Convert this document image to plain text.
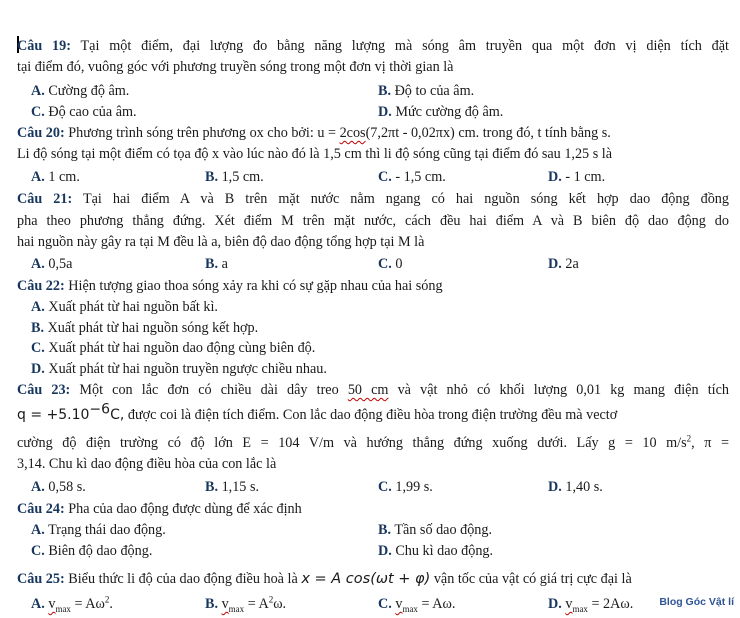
Câu 19: Tại một điểm, đại lượng đo bằng năng lượng mà sóng âm truyền qua một đơn vị diện tích đặt
tại điểm đó, vuông góc với phương truyền sóng trong một đơn vị thời gian là
A. Cường độ âm.	B. Độ to của âm.
C. Độ cao của âm.	D. Mức cường độ âm.
Câu 20: Phương trình sóng trên phương ox cho bởi: u = 2cos(7,2πt - 0,02πx) cm. trong đó, t tính bằng s.
Li độ sóng tại một điểm có tọa độ x vào lúc nào đó là 1,5 cm thì li độ sóng cũng tại điểm đó sau 1,25 s là
A. 1 cm.	B. 1,5 cm.	C. - 1,5 cm.	D. - 1 cm.
Câu 21: Tại hai điểm A và B trên mặt nước nằm ngang có hai nguồn sóng kết hợp dao động đồng
pha theo phương thẳng đứng. Xét điểm M trên mặt nước, cách đều hai điểm A và B biên độ dao động do
hai nguồn này gây ra tại M đều là a, biên độ dao động tổng hợp tại M là
A. 0,5a	B. a	C. 0	D. 2a
Câu 22: Hiện tượng giao thoa sóng xảy ra khi có sự gặp nhau của hai sóng
A. Xuất phát từ hai nguồn bất kì.
B. Xuất phát từ hai nguồn sóng kết hợp.
C. Xuất phát từ hai nguồn dao động cùng biên độ.
D. Xuất phát từ hai nguồn truyền ngược chiều nhau.
Câu 23: Một con lắc đơn có chiều dài dây treo 50 cm và vật nhỏ có khối lượng 0,01 kg mang điện tích
$q = +5.10^{-6}C$, được coi là điện tích điểm. Con lắc dao động điều hòa trong điện trường đều mà vectơ
cường độ điện trường có độ lớn E = 104 V/m và hướng thẳng đứng xuống dưới. Lấy g = 10 $m/s^2$, π =
3,14. Chu kì dao động điều hòa của con lắc là
A. 0,58 s.	B. 1,15 s.	C. 1,99 s.	D. 1,40 s.
Câu 24: Pha của dao động được dùng để xác định
A. Trạng thái dao động.	B. Tần số dao động.
C. Biên độ dao động.	D. Chu kì dao động.
Câu 25: Biểu thức li độ của dao động điều hoà là x = A cos(ωt + φ) vận tốc của vật có giá trị cực đại là
A. $v_{max} = A\omega^2$.	B. $v_{max} = A^2\omega$.	C. $v_{max} = A\omega$.	D. $v_{max} = 2A\omega$. Blog Góc Vật lí
